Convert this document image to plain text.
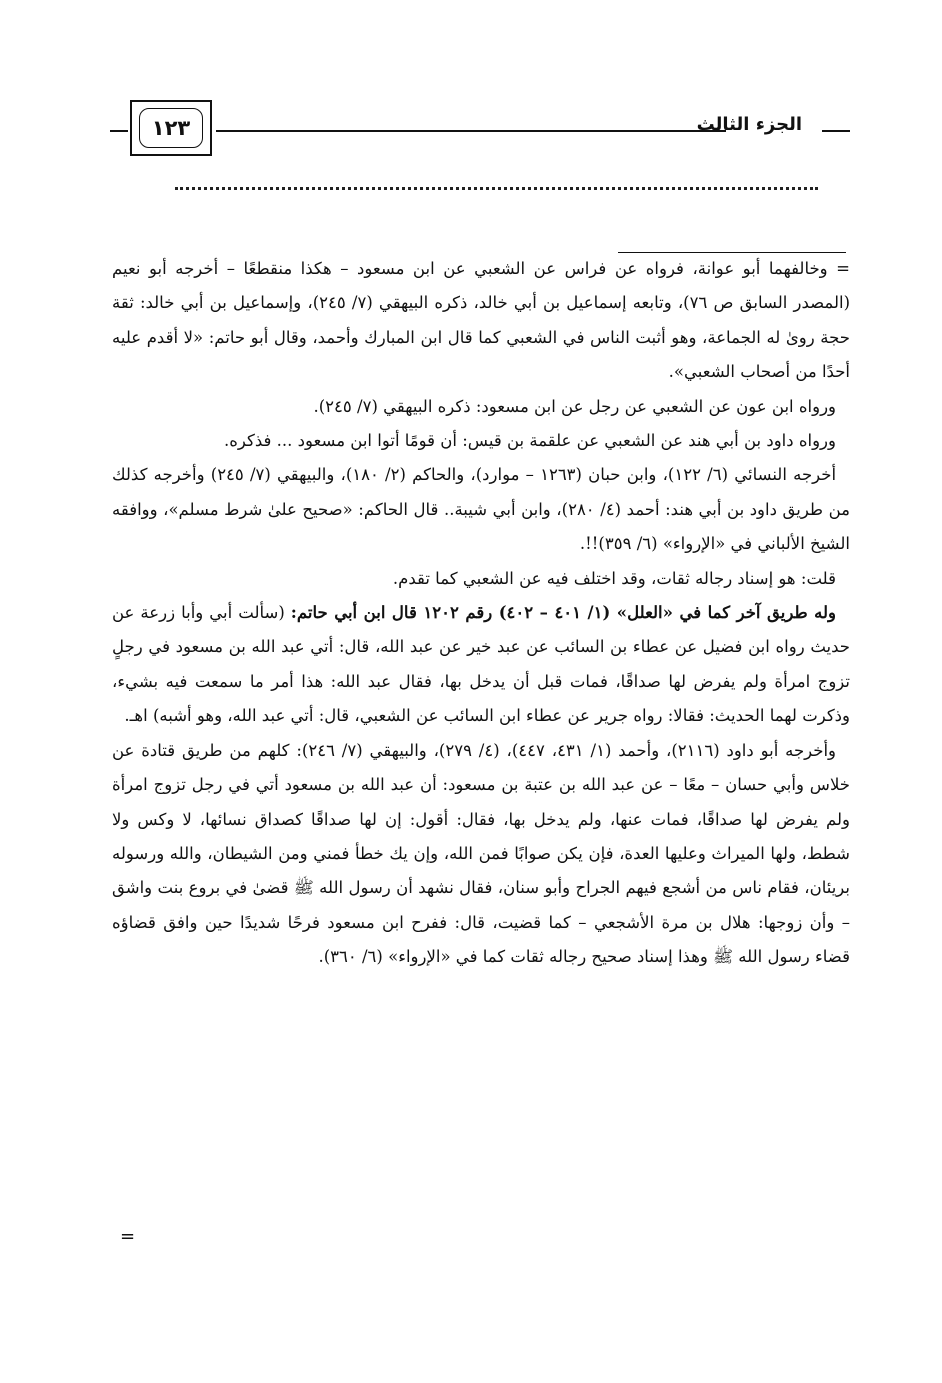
١٢٣	الجزء الثالث

= وخالفهما أبو عوانة، فرواه عن فراس عن الشعبي عن ابن مسعود – هكذا منقطعًا – أخرجه أبو نعيم (المصدر السابق ص ٧٦)، وتابعه إسماعيل بن أبي خالد، ذكره البيهقي (٧/ ٢٤٥)، وإسماعيل بن أبي خالد: ثقة حجة روىٰ له الجماعة، وهو أثبت الناس في الشعبي كما قال ابن المبارك وأحمد، وقال أبو حاتم: «لا أقدم عليه أحدًا من أصحاب الشعبي».

ورواه ابن عون عن الشعبي عن رجل عن ابن مسعود: ذكره البيهقي (٧/ ٢٤٥).

ورواه داود بن أبي هند عن الشعبي عن علقمة بن قيس: أن قومًا أتوا ابن مسعود ... فذكره.

أخرجه النسائي (٦/ ١٢٢)، وابن حبان (١٢٦٣ – موارد)، والحاكم (٢/ ١٨٠)، والبيهقي (٧/ ٢٤٥) وأخرجه كذلك من طريق داود بن أبي هند: أحمد (٤/ ٢٨٠)، وابن أبي شيبة.. قال الحاكم: «صحيح علىٰ شرط مسلم»، ووافقه الشيخ الألباني في «الإرواء» (٦/ ٣٥٩)!!.

قلت: هو إسناد رجاله ثقات، وقد اختلف فيه عن الشعبي كما تقدم.

وله طريق آخر كما في «العلل» (١/ ٤٠١ – ٤٠٢) رقم ١٢٠٢ قال ابن أبي حاتم: (سألت أبي وأبا زرعة عن حديث رواه ابن فضيل عن عطاء بن السائب عن عبد خير عن عبد الله، قال: أتي عبد الله بن مسعود في رجلٍ تزوج امرأة ولم يفرض لها صداقًا، فمات قبل أن يدخل بها، فقال عبد الله: هذا أمر ما سمعت فيه بشيء، وذكرت لهما الحديث: فقالا: رواه جرير عن عطاء ابن السائب عن الشعبي، قال: أتي عبد الله، وهو أشبه) اهـ.

وأخرجه أبو داود (٢١١٦)، وأحمد (١/ ٤٣١، ٤٤٧)، (٤/ ٢٧٩)، والبيهقي (٧/ ٢٤٦): كلهم من طريق قتادة عن خلاس وأبي حسان – معًا – عن عبد الله بن عتبة بن مسعود: أن عبد الله بن مسعود أتي في رجل تزوج امرأة ولم يفرض لها صداقًا، فمات عنها، ولم يدخل بها، فقال: أقول: إن لها صداقًا كصداق نسائها، لا وكس ولا شطط، ولها الميراث وعليها العدة، فإن يكن صوابًا فمن الله، وإن يك خطأ فمني ومن الشيطان، والله ورسوله بريئان، فقام ناس من أشجع فيهم الجراح وأبو سنان، فقال نشهد أن رسول الله ﷺ قضىٰ في بروع بنت واشق – وأن زوجها: هلال بن مرة الأشجعي – كما قضيت، قال: ففرح ابن مسعود فرحًا شديدًا حين وافق قضاؤه قضاء رسول الله ﷺ وهذا إسناد صحيح رجاله ثقات كما في «الإرواء» (٦/ ٣٦٠).

=
